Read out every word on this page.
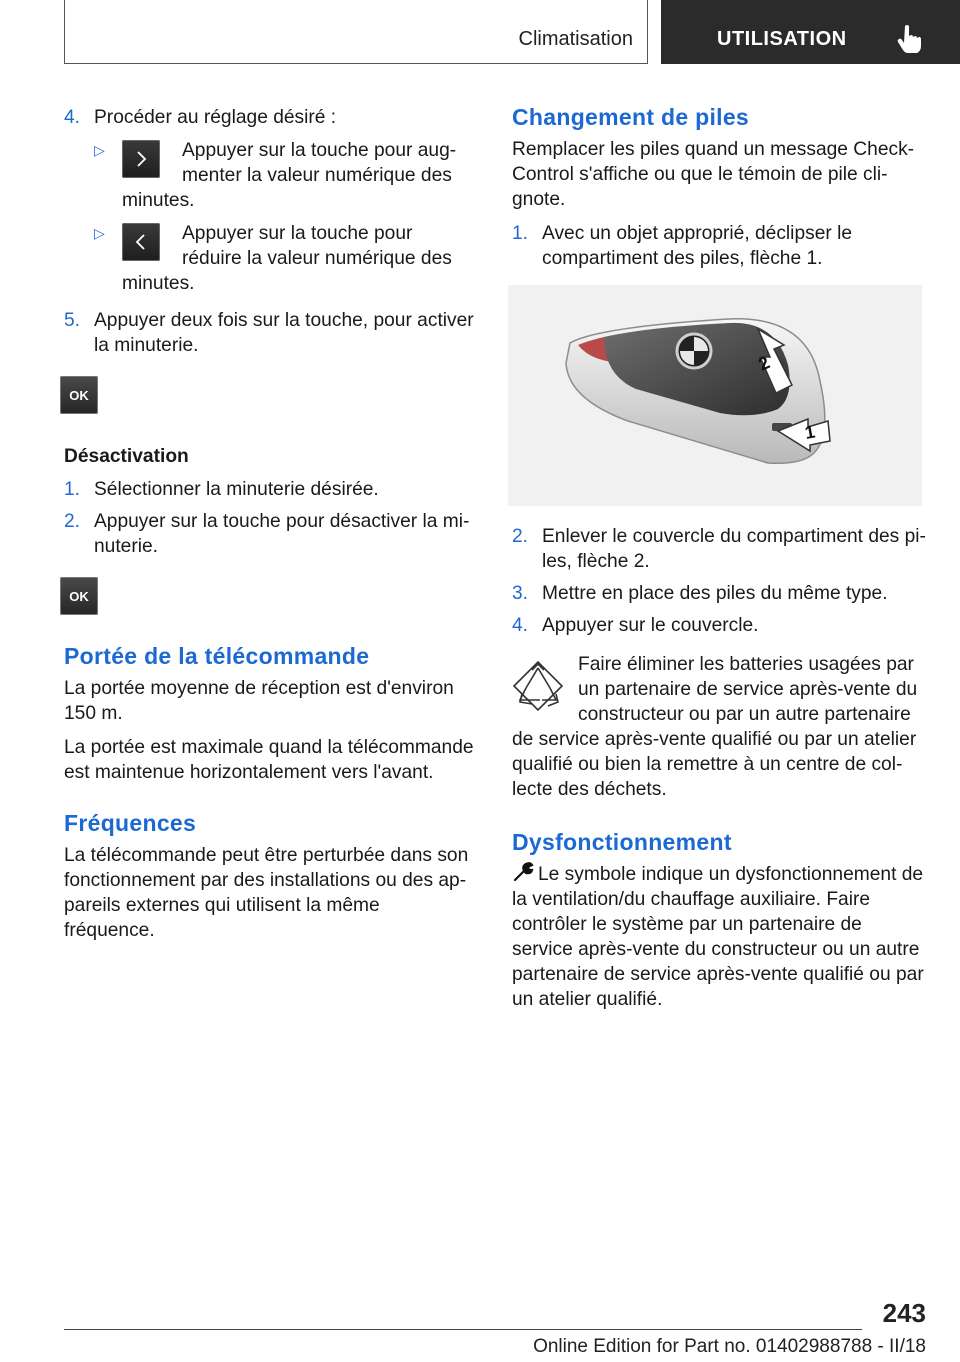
Climatisation	UTILISATION
4. Procéder au réglage désiré :
▷	Appuyer sur la touche pour augmenter la valeur numérique des minutes.
▷	Appuyer sur la touche pour réduire la valeur numérique des minutes.
5. Appuyer deux fois sur la touche, pour activer la minuterie.
OK
Désactivation
1. Sélectionner la minuterie désirée.
2. Appuyer sur la touche pour désactiver la minuterie.
OK
Portée de la télécommande

La portée moyenne de réception est d'environ 150 m.

La portée est maximale quand la télécommande est maintenue horizontalement vers l'avant.

Fréquences

La télécommande peut être perturbée dans son fonctionnement par des installations ou des appareils externes qui utilisent la même fréquence.

Changement de piles

Remplacer les piles quand un message Check-Control s'affiche ou que le témoin de pile clignote.

1. Avec un objet approprié, déclipser le compartiment des piles, flèche 1.
2
1
2. Enlever le couvercle du compartiment des piles, flèche 2.
3. Mettre en place des piles du même type.
4. Appuyer sur le couvercle.

Faire éliminer les batteries usagées par un partenaire de service après-vente du constructeur ou par un autre partenaire de service après-vente qualifié ou par un atelier qualifié ou bien la remettre à un centre de collecte des déchets.

Dysfonctionnement

Le symbole indique un dysfonctionnement de la ventilation/du chauffage auxiliaire. Faire contrôler le système par un partenaire de service après-vente du constructeur ou un autre partenaire de service après-vente qualifié ou par un atelier qualifié.

243
Online Edition for Part no. 01402988788 - II/18
